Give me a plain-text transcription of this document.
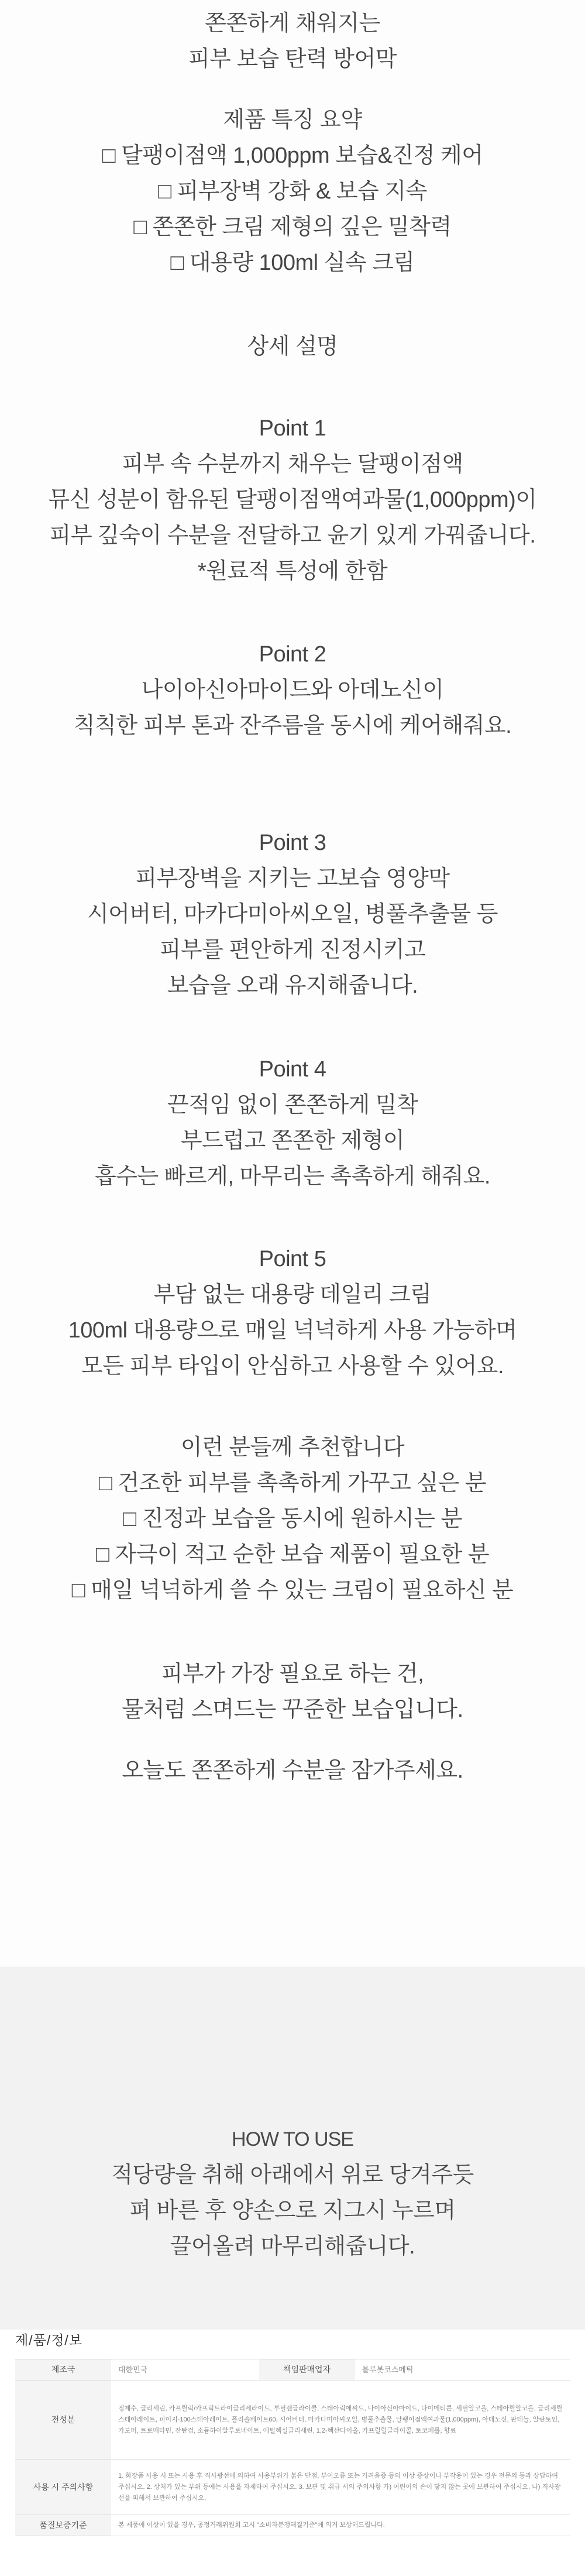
쫀쫀하게 채워지는
피부 보습 탄력 방어막
제품 특징 요약
□ 달팽이점액 1,000ppm 보습&진정 케어
□ 피부장벽 강화 & 보습 지속
□ 쫀쫀한 크림 제형의 깊은 밀착력
□ 대용량 100ml 실속 크림
상세 설명
Point 1
피부 속 수분까지 채우는 달팽이점액
뮤신 성분이 함유된 달팽이점액여과물(1,000ppm)이
피부 깊숙이 수분을 전달하고 윤기 있게 가꿔줍니다.
*원료적 특성에 한함
Point 2
나이아신아마이드와 아데노신이
칙칙한 피부 톤과 잔주름을 동시에 케어해줘요.
Point 3
피부장벽을 지키는 고보습 영양막
시어버터, 마카다미아씨오일, 병풀추출물 등
피부를 편안하게 진정시키고
보습을 오래 유지해줍니다.
Point 4
끈적임 없이 쫀쫀하게 밀착
부드럽고 쫀쫀한 제형이
흡수는 빠르게, 마무리는 촉촉하게 해줘요.
Point 5
부담 없는 대용량 데일리 크림
100ml 대용량으로 매일 넉넉하게 사용 가능하며
모든 피부 타입이 안심하고 사용할 수 있어요.
이런 분들께 추천합니다
□ 건조한 피부를 촉촉하게 가꾸고 싶은 분
□ 진정과 보습을 동시에 원하시는 분
□ 자극이 적고 순한 보습 제품이 필요한 분
□ 매일 넉넉하게 쓸 수 있는 크림이 필요하신 분
피부가 가장 필요로 하는 건,
물처럼 스며드는 꾸준한 보습입니다.
오늘도 쫀쫀하게 수분을 잠가주세요.
HOW TO USE
적당량을 취해 아래에서 위로 당겨주듯
펴 바른 후 양손으로 지그시 누르며
끌어올려 마무리해줍니다.
제/품/정/보
제조국	대한민국	책임판매업자	블루봇코스메틱
전성분	정제수, 글리세린, 카프릴릭/카프릭트라이글리세라이드, 부틸렌글라이콜, 스테아릭애씨드, 나이아신아마이드, 다이메티콘, 세틸알코올, 스테아릴알코올, 글리세릴스테아레이트, 피이지-100스테아레이트, 폴리솔베이트60, 시어버터, 마카다미아씨오일, 병풀추출물, 달팽이점액여과물(1,000ppm), 아데노신, 판테놀, 알란토인, 카보머, 트로메타민, 잔탄검, 소듐하이알루로네이트, 에틸헥실글리세린, 1,2-헥산다이올, 카프릴릴글라이콜, 토코페롤, 향료		
사용 시 주의사항	1. 화장품 사용 시 또는 사용 후 직사광선에 의하여 사용부위가 붉은 반점, 부어오름 또는 가려움증 등의 이상 증상이나 부작용이 있는 경우 전문의 등과 상담하여 주십시오. 2. 상처가 있는 부위 등에는 사용을 자제하여 주십시오. 3. 보관 및 취급 시의 주의사항 가) 어린이의 손이 닿지 않는 곳에 보관하여 주십시오. 나) 직사광선을 피해서 보관하여 주십시오.		
품질보증기준	본 제품에 이상이 있을 경우, 공정거래위원회 고시 "소비자분쟁해결기준"에 의거 보상해드립니다.		
